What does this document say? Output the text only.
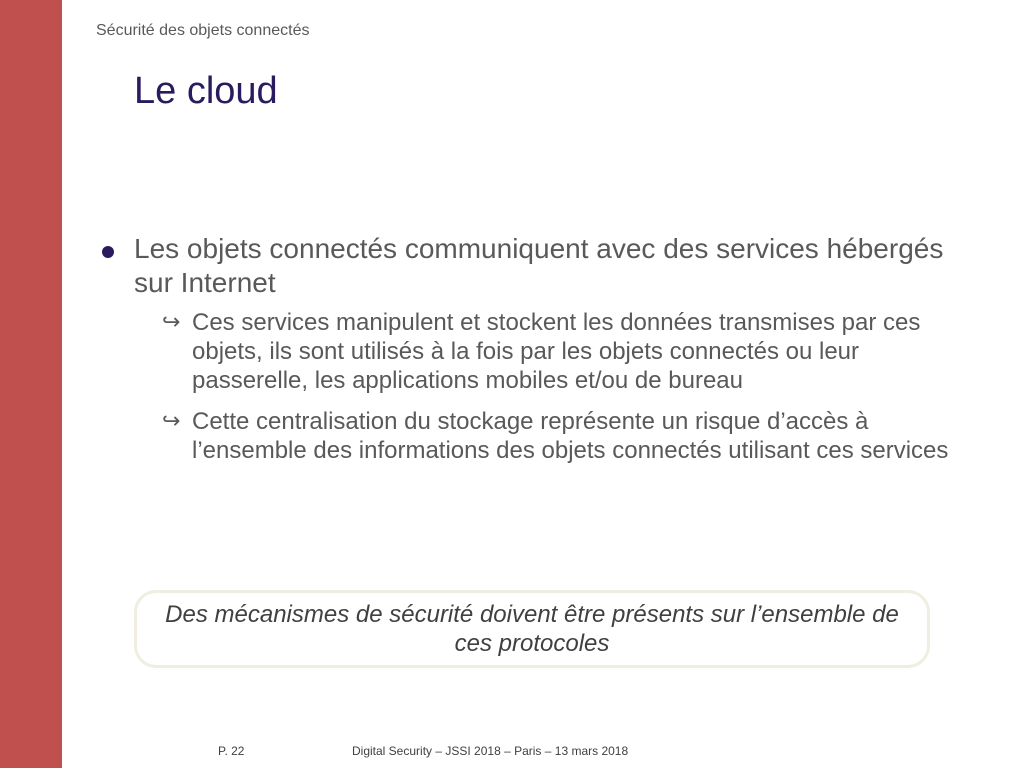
Sécurité des objets connectés
Le cloud
Les objets connectés communiquent avec des services hébergés sur Internet
↪ Ces services manipulent et stockent les données transmises par ces objets, ils sont utilisés à la fois par les objets connectés ou leur passerelle, les applications mobiles et/ou de bureau
↪ Cette centralisation du stockage représente un risque d’accès à l’ensemble des informations des objets connectés utilisant ces services
Des mécanismes de sécurité doivent être présents sur l’ensemble de ces protocoles
P. 22	Digital Security – JSSI 2018 – Paris – 13 mars 2018
